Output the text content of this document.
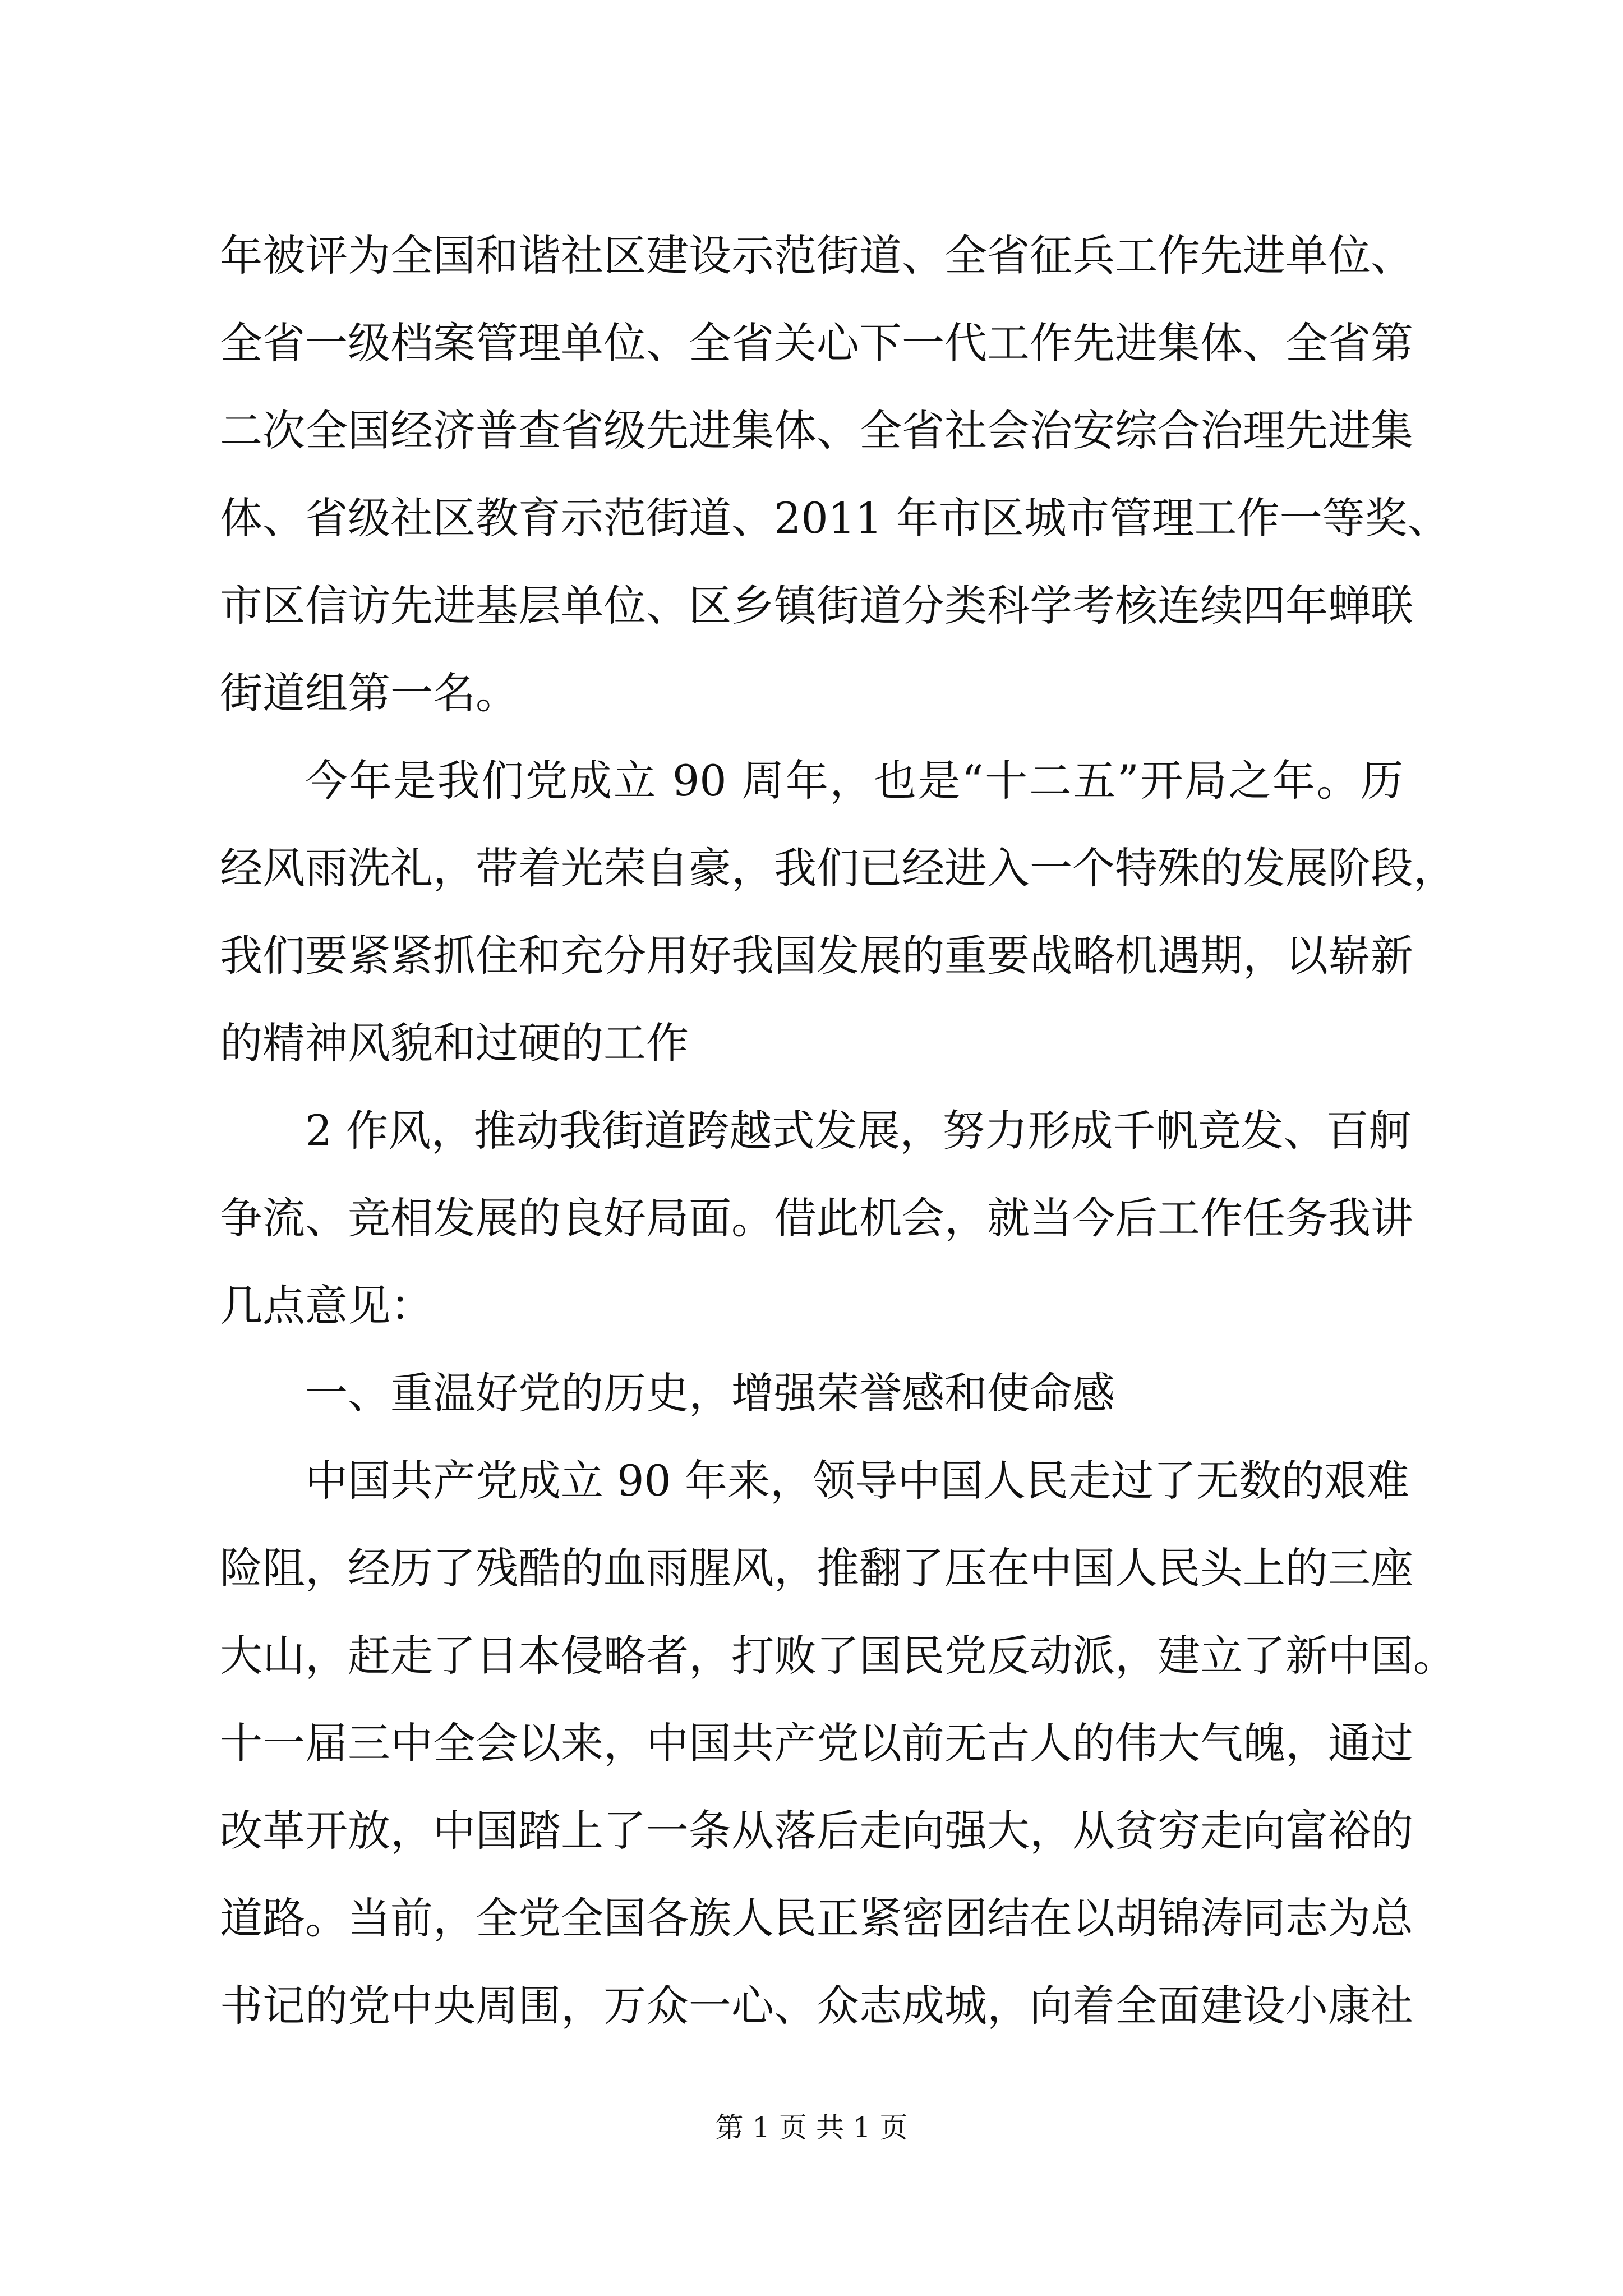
年被评为全国和谐社区建设示范街道、全省征兵工作先进单位、
全省一级档案管理单位、全省关心下一代工作先进集体、全省第
二次全国经济普查省级先进集体、全省社会治安综合治理先进集
体、省级社区教育示范街道、2011 年市区城市管理工作一等奖、
市区信访先进基层单位、区乡镇街道分类科学考核连续四年蝉联
街道组第一名。
今年是我们党成立 90 周年，也是“十二五”开局之年。历
经风雨洗礼，带着光荣自豪，我们已经进入一个特殊的发展阶段，
我们要紧紧抓住和充分用好我国发展的重要战略机遇期，以崭新
的精神风貌和过硬的工作
2 作风，推动我街道跨越式发展，努力形成千帆竞发、百舸
争流、竞相发展的良好局面。借此机会，就当今后工作任务我讲
几点意见：
一、重温好党的历史，增强荣誉感和使命感
中国共产党成立 90 年来，领导中国人民走过了无数的艰难
险阻，经历了残酷的血雨腥风，推翻了压在中国人民头上的三座
大山，赶走了日本侵略者，打败了国民党反动派，建立了新中国。
十一届三中全会以来，中国共产党以前无古人的伟大气魄，通过
改革开放，中国踏上了一条从落后走向强大，从贫穷走向富裕的
道路。当前，全党全国各族人民正紧密团结在以胡锦涛同志为总
书记的党中央周围，万众一心、众志成城，向着全面建设小康社
第 1 页 共 1 页
